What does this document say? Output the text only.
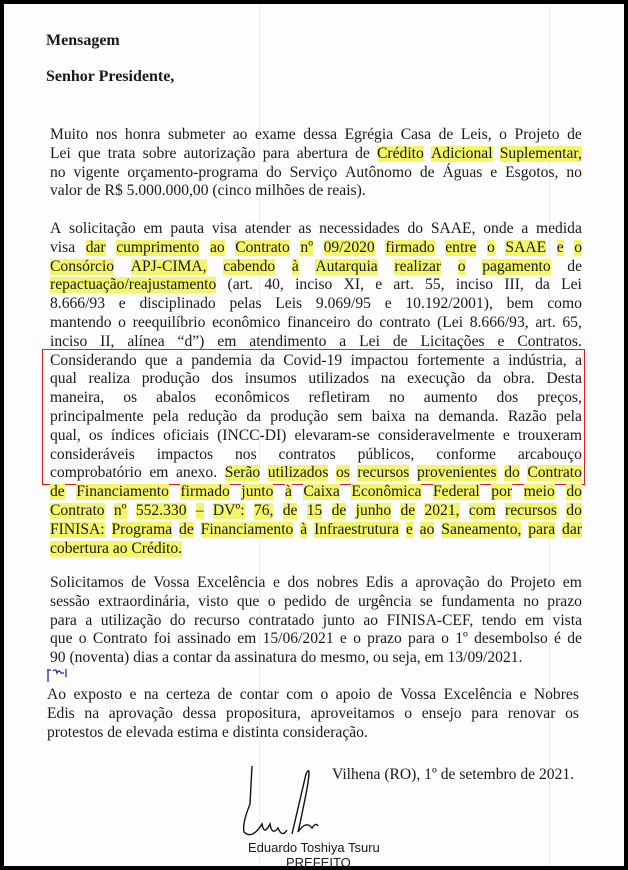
Mensagem
Senhor Presidente,
Muito nos honra submeter ao exame dessa Egrégia Casa de Leis, o Projeto de
Lei que trata sobre autorização para abertura de Crédito Adicional Suplementar,
no vigente orçamento-programa do Serviço Autônomo de Águas e Esgotos, no
valor de R$ 5.000.000,00 (cinco milhões de reais).
A solicitação em pauta visa atender as necessidades do SAAE, onde a medida
visa dar cumprimento ao Contrato nº 09/2020 firmado entre o SAAE e o
Consórcio APJ-CIMA, cabendo à Autarquia realizar o pagamento de
repactuação/reajustamento (art. 40, inciso XI, e art. 55, inciso III, da Lei
8.666/93 e disciplinado pelas Leis 9.069/95 e 10.192/2001), bem como
mantendo o reequilíbrio econômico financeiro do contrato (Lei 8.666/93, art. 65,
inciso II, alínea “d”) em atendimento a Lei de Licitações e Contratos.
Considerando que a pandemia da Covid-19 impactou fortemente a indústria, a
qual realiza produção dos insumos utilizados na execução da obra. Desta
maneira, os abalos econômicos refletiram no aumento dos preços,
principalmente pela redução da produção sem baixa na demanda. Razão pela
qual, os índices oficiais (INCC-DI) elevaram-se consideravelmente e trouxeram
consideráveis impactos nos contratos públicos, conforme arcabouço
comprobatório em anexo. Serão utilizados os recursos provenientes do Contrato
de Financiamento firmado junto à Caixa Econômica Federal por meio do
Contrato nº 552.330 – DVº: 76, de 15 de junho de 2021, com recursos do
FINISA: Programa de Financiamento à Infraestrutura e ao Saneamento, para dar
cobertura ao Crédito.
Solicitamos de Vossa Excelência e dos nobres Edis a aprovação do Projeto em
sessão extraordinária, visto que o pedido de urgência se fundamenta no prazo
para a utilização do recurso contratado junto ao FINISA-CEF, tendo em vista
que o Contrato foi assinado em 15/06/2021 e o prazo para o 1º desembolso é de
90 (noventa) dias a contar da assinatura do mesmo, ou seja, em 13/09/2021.
Ao exposto e na certeza de contar com o apoio de Vossa Excelência e Nobres
Edis na aprovação dessa propositura, aproveitamos o ensejo para renovar os
protestos de elevada estima e distinta consideração.
Vilhena (RO), 1º de setembro de 2021.
Eduardo Toshiya Tsuru
PREFEITO
